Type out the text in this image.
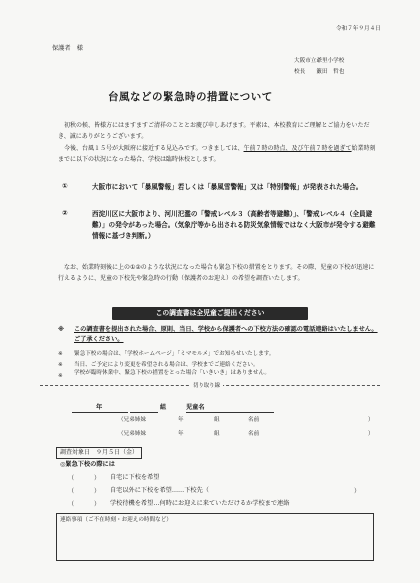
令和７年９月４日
保護者　様
大阪市立爺里小学校
校長　　籔田　哲也
台風などの緊急時の措置について
初秋の候、皆様方にはますますご清祥のこととお慶び申しあげます。平素は、本校教育にご理解とご協力をいただき、誠にありがとうございます。
今後、台風１５号が大阪府に接近する見込みです。つきましては、午前７時の時点、及び午前７時を過ぎて始業時刻までに以下の状況になった場合、学校は臨時休校とします。
①	大阪市において「暴風警報」若しくは「暴風雪警報」又は「特別警報」が発表された場合。
②	西淀川区に大阪市より、河川氾濫の「警戒レベル３（高齢者等避難）」、「警戒レベル４（全員避難）」の発令があった場合。（気象庁等から出される防災気象情報ではなく大阪市が発令する避難情報に基づき判断。）
なお、始業時刻後に上の①②のような状況になった場合も緊急下校の措置をとります。その際、児童の下校が迅速に行えるように、児童の下校先や緊急時の行動（保護者のお迎え）の希望を調査いたします。
この調査書は全児童ご提出ください
※ この調査書を提出された場合、原則、当日、学校から保護者への下校方法の確認の電話連絡はいたしません。ご了承ください。
※ 緊急下校の場合は、「学校ホームページ」「ミマモルメ」でお知らせいたします。
※ 当日、ご予定により変更を希望される場合は、学校までご連絡ください。
※ 学校が臨時休業中、緊急下校の措置をとった場合「いきいき」はありません。
切り取り線
年	組	児童名
（兄弟姉妹	年	組	名前	）
（兄弟姉妹	年	組	名前	）
調査対象日　９月５日（金）
◎緊急下校の際には
（	） 自宅に下校を希望
（	） 自宅以外に下校を希望……下校先（	）
（	） 学校待機を希望…何時にお迎えに来ていただけるか学校まで連絡
連絡事項（ご不在時刻・お迎えの時間など）
